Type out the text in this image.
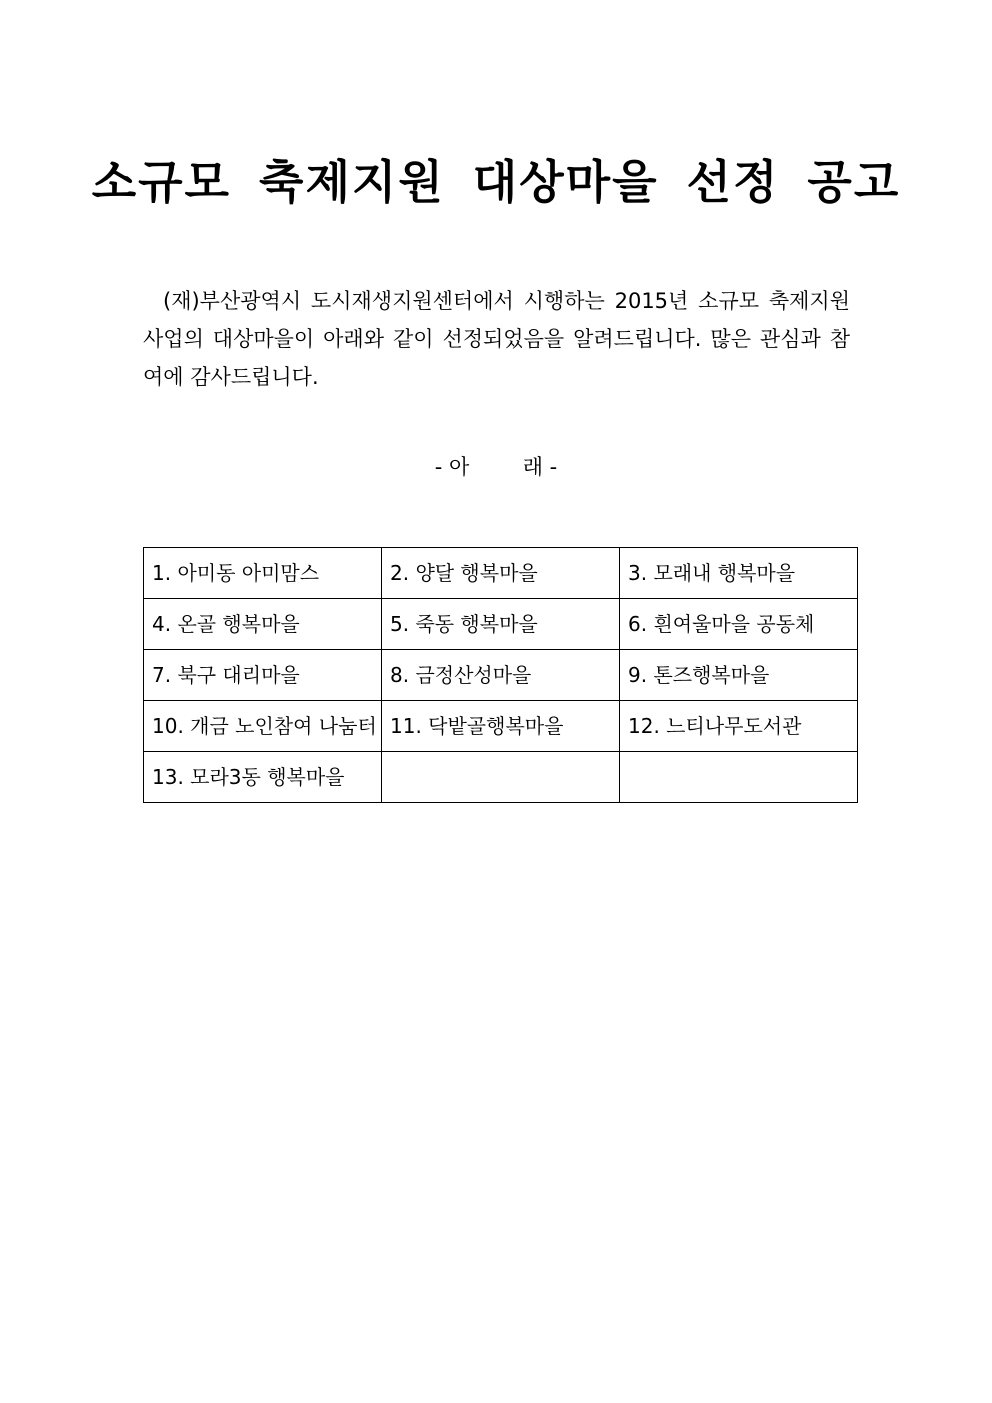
소규모 축제지원 대상마을 선정 공고

(재)부산광역시 도시재생지원센터에서 시행하는 2015년 소규모 축제지원사업의 대상마을이 아래와 같이 선정되었음을 알려드립니다. 많은 관심과 참여에 감사드립니다.

- 아        래 -
1. 아미동 아미맘스	2. 양달 행복마을	3. 모래내 행복마을
4. 온골 행복마을	5. 죽동 행복마을	6. 흰여울마을 공동체
7. 북구 대리마을	8. 금정산성마을	9. 톤즈행복마을
10. 개금 노인참여 나눔터	11. 닥밭골행복마을	12. 느티나무도서관
13. 모라3동 행복마을		
